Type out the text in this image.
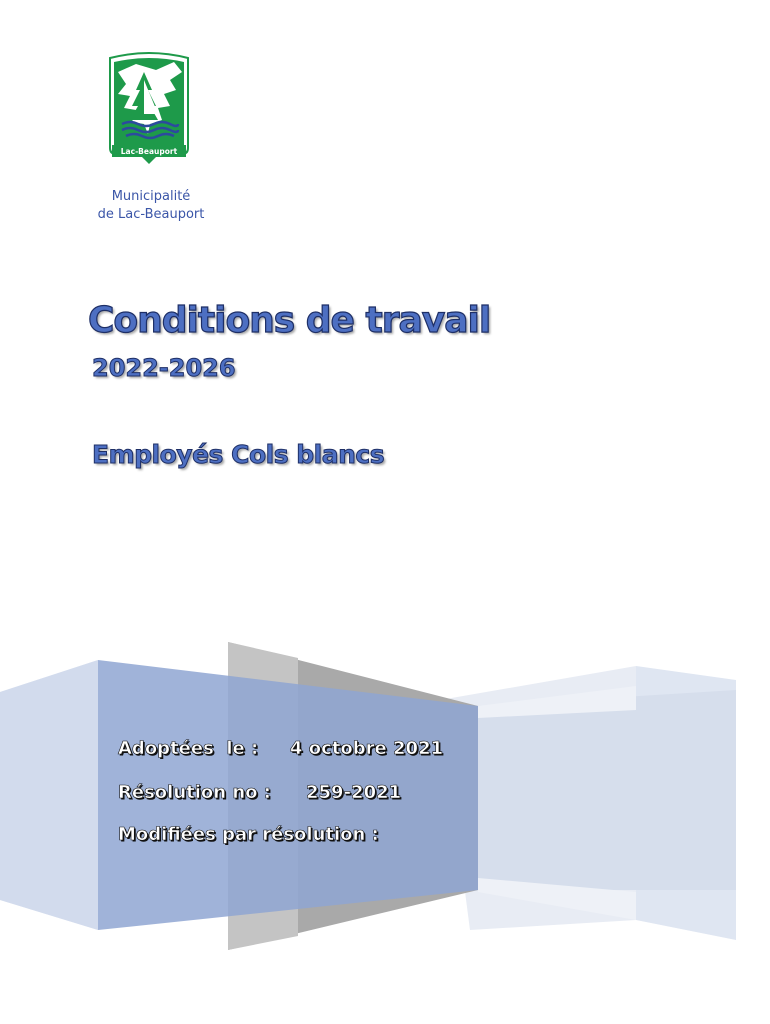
*
Lac-Beauport
Municipalité
de Lac-Beauport
Conditions de travail
2022-2026
Employés Cols blancs
Adoptées  le : 4 octobre 2021
Résolution no : 259-2021
Modifiées par résolution :
